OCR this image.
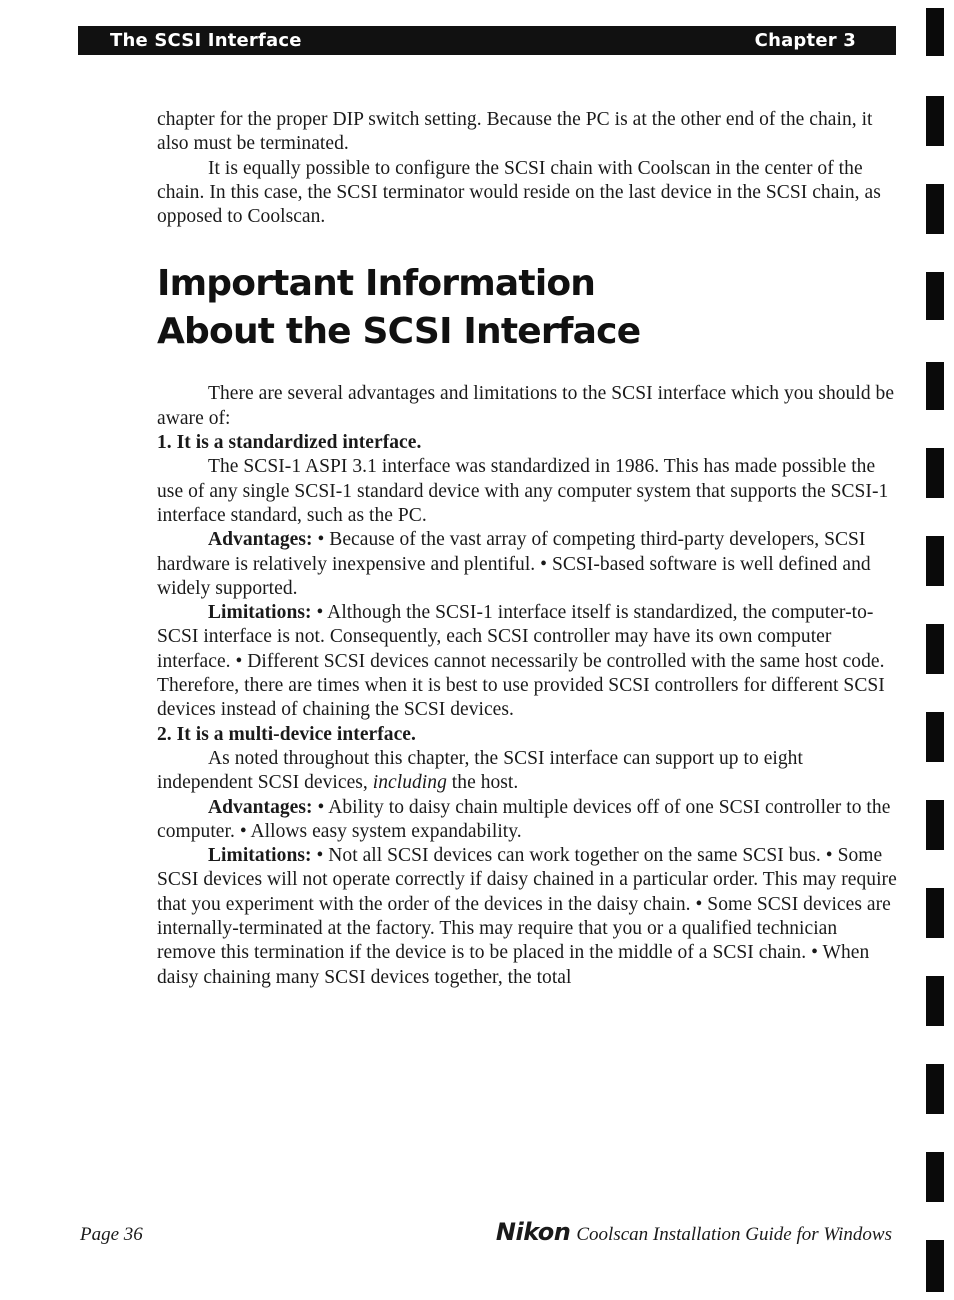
The SCSI Interface	Chapter 3

chapter for the proper DIP switch setting. Because the PC is at the other end of the chain, it also must be terminated.

It is equally possible to configure the SCSI chain with Coolscan in the center of the chain. In this case, the SCSI terminator would reside on the last device in the SCSI chain, as opposed to Coolscan.

Important Information
About the SCSI Interface

There are several advantages and limitations to the SCSI interface which you should be aware of:

1. It is a standardized interface.

The SCSI-1 ASPI 3.1 interface was standardized in 1986. This has made possible the use of any single SCSI-1 standard device with any computer system that supports the SCSI-1 interface standard, such as the PC.

Advantages: • Because of the vast array of competing third-party developers, SCSI hardware is relatively inexpensive and plentiful. • SCSI-based software is well defined and widely supported.

Limitations: • Although the SCSI-1 interface itself is standardized, the computer-to-SCSI interface is not. Consequently, each SCSI controller may have its own computer interface. • Different SCSI devices cannot necessarily be controlled with the same host code. Therefore, there are times when it is best to use provided SCSI controllers for different SCSI devices instead of chaining the SCSI devices.

2. It is a multi-device interface.

As noted throughout this chapter, the SCSI interface can support up to eight independent SCSI devices, including the host.

Advantages: • Ability to daisy chain multiple devices off of one SCSI controller to the computer. • Allows easy system expandability.

Limitations: • Not all SCSI devices can work together on the same SCSI bus. • Some SCSI devices will not operate correctly if daisy chained in a particular order. This may require that you experiment with the order of the devices in the daisy chain. • Some SCSI devices are internally-terminated at the factory. This may require that you or a qualified technician remove this termination if the device is to be placed in the middle of a SCSI chain. • When daisy chaining many SCSI devices together, the total

Page 36	Nikon Coolscan Installation Guide for Windows
